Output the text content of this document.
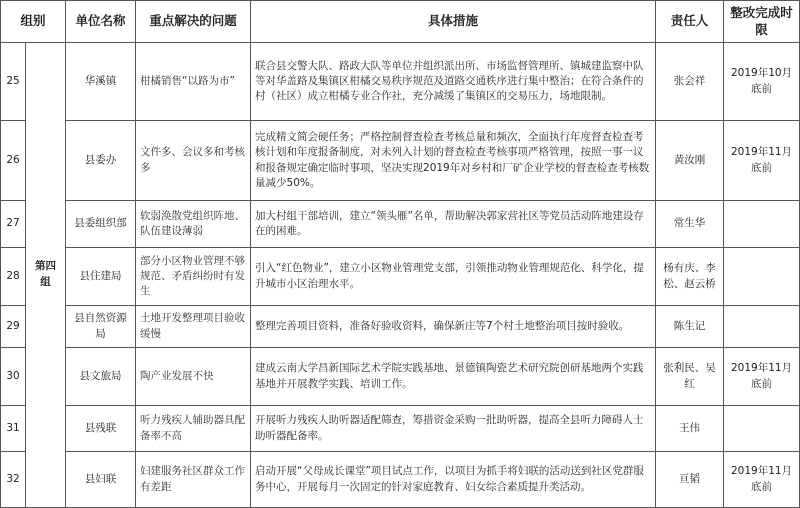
组别		单位名称	重点解决的问题	具体措施	责任人	整改完成时限
25	第四组	华溪镇	柑橘销售“以路为市”	联合县交警大队、路政大队等单位并组织派出所、市场监督管理所、镇城建监察中队等对华盖路及集镇区柑橘交易秩序规范及道路交通秩序进行集中整治；在符合条件的村（社区）成立柑橘专业合作社，充分减缓了集镇区的交易压力，场地限制。	张会祥	2019年10月底前
26		县委办	文件多、会议多和考核多	完成精文简会硬任务；严格控制督查检查考核总量和频次，全面执行年度督查检查考核计划和年度报备制度，对未列入计划的督查检查考核事项严格管理，按照一事一议和报备规定确定临时事项，坚决实现2019年对乡村和厂矿企业学校的督查检查考核数量减少50%。	黄汝刚	2019年11月底前
27		县委组织部	软弱涣散党组织阵地、队伍建设薄弱	加大村组干部培训，建立“领头雁”名单，帮助解决郭家营社区等党员活动阵地建设存在的困难。	常生华	
28		县住建局	部分小区物业管理不够规范、矛盾纠纷时有发生	引入“红色物业”，建立小区物业管理党支部，引领推动物业管理规范化、科学化，提升城市小区治理水平。	杨有庆、李松、赵云桥	
29		县自然资源局	土地开发整理项目验收缓慢	整理完善项目资料，准备好验收资料，确保新庄等7个村土地整治项目按时验收。	陈生记	
30		县文旅局	陶产业发展不快	建成云南大学昌新国际艺术学院实践基地、景德镇陶瓷艺术研究院创研基地两个实践基地并开展教学实践、培训工作。	张利民、吴红	2019年11月底前
31		县残联	听力残疾人辅助器具配备率不高	开展听力残疾人助听器适配筛查，筹措资金采购一批助听器，提高全县听力障碍人士助听器配备率。	王伟	
32		县妇联	妇建服务社区群众工作有差距	启动开展“父母成长课堂”项目试点工作，以项目为抓手将妇联的活动送到社区党群服务中心，开展每月一次固定的针对家庭教育、妇女综合素质提升类活动。	亘韬	2019年11月底前
